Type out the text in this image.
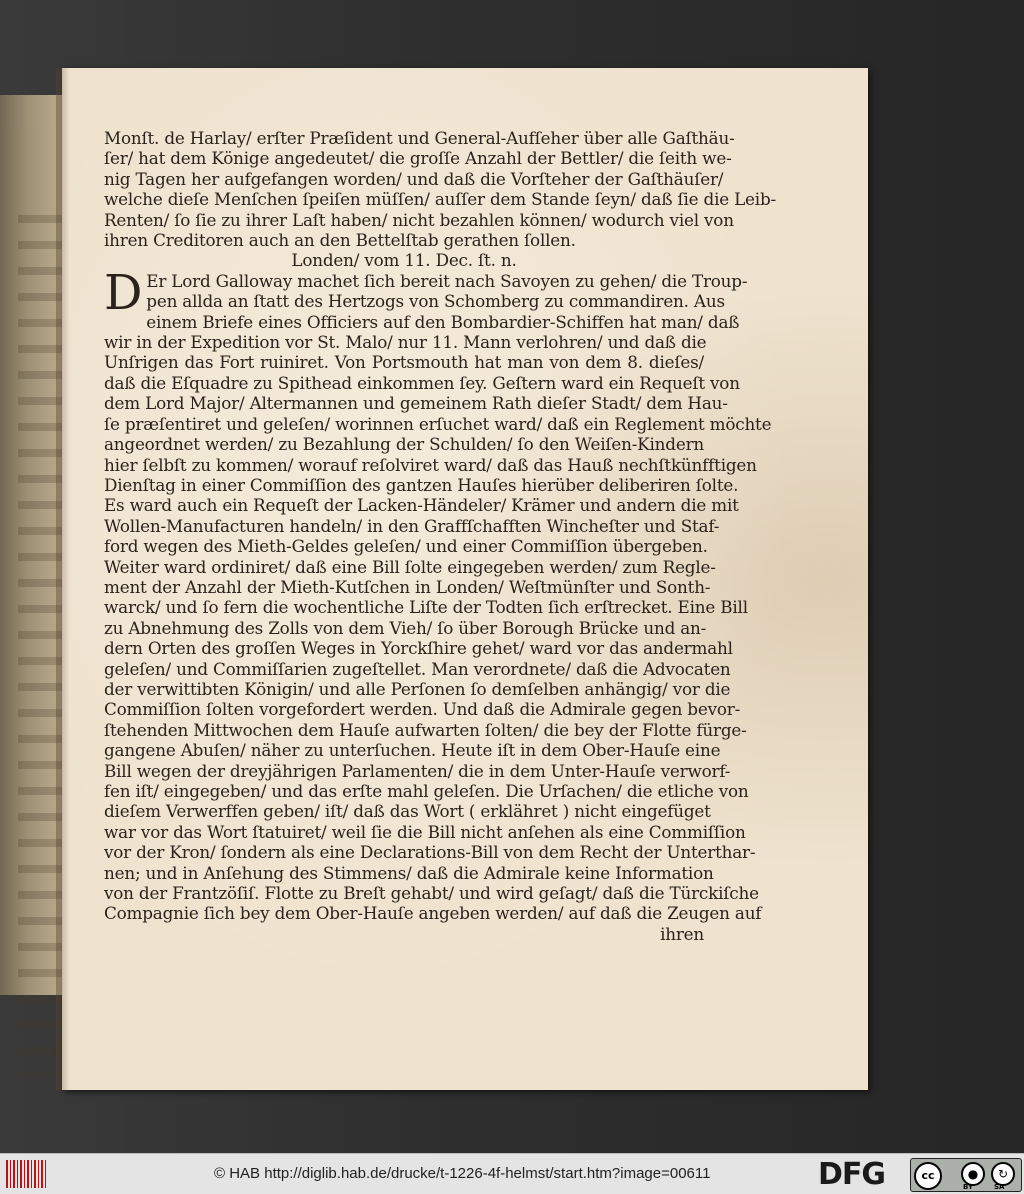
Monſt. de Harlay/ erſter Præſident und General-Aufſeher über alle Gaſthäu-
ſer/ hat dem Könige angedeutet/ die groſſe Anzahl der Bettler/ die ſeith we-
nig Tagen her aufgefangen worden/ und daß die Vorſteher der Gaſthäuſer/
welche dieſe Menſchen ſpeiſen müſſen/ auſſer dem Stande ſeyn/ daß ſie die Leib-
Renten/ ſo ſie zu ihrer Laſt haben/ nicht bezahlen können/ wodurch viel von
ihren Creditoren auch an den Bettelſtab gerathen ſollen.
Londen/ vom 11. Dec. ſt. n.
D Er Lord Galloway machet ſich bereit nach Savoyen zu gehen/ die Troup-
pen allda an ſtatt des Hertzogs von Schomberg zu commandiren. Aus
einem Briefe eines Officiers auf den Bombardier-Schiffen hat man/ daß
wir in der Expedition vor St. Malo/ nur 11. Mann verlohren/ und daß die
Unſrigen das Fort ruiniret. Von Portsmouth hat man von dem 8. dieſes/
daß die Eſquadre zu Spithead einkommen ſey. Geſtern ward ein Requeſt von
dem Lord Major/ Altermannen und gemeinem Rath dieſer Stadt/ dem Hau-
ſe præſentiret und geleſen/ worinnen erſuchet ward/ daß ein Reglement möchte
angeordnet werden/ zu Bezahlung der Schulden/ ſo den Weiſen-Kindern
hier ſelbſt zu kommen/ worauf reſolviret ward/ daß das Hauß nechſtkünfftigen
Dienſtag in einer Commiſſion des gantzen Hauſes hierüber deliberiren ſolte.
Es ward auch ein Requeſt der Lacken-Händeler/ Krämer und andern die mit
Wollen-Manufacturen handeln/ in den Graffſchafften Wincheſter und Staf-
ford wegen des Mieth-Geldes geleſen/ und einer Commiſſion übergeben.
Weiter ward ordiniret/ daß eine Bill ſolte eingegeben werden/ zum Regle-
ment der Anzahl der Mieth-Kutſchen in Londen/ Weſtmünſter und Sonth-
warck/ und ſo fern die wochentliche Liſte der Todten ſich erſtrecket. Eine Bill
zu Abnehmung des Zolls von dem Vieh/ ſo über Borough Brücke und an-
dern Orten des groſſen Weges in Yorckſhire gehet/ ward vor das andermahl
geleſen/ und Commiſſarien zugeſtellet. Man verordnete/ daß die Advocaten
der verwittibten Königin/ und alle Perſonen ſo demſelben anhängig/ vor die
Commiſſion ſolten vorgefordert werden. Und daß die Admirale gegen bevor-
ſtehenden Mittwochen dem Hauſe aufwarten ſolten/ die bey der Flotte fürge-
gangene Abuſen/ näher zu unterſuchen. Heute iſt in dem Ober-Hauſe eine
Bill wegen der dreyjährigen Parlamenten/ die in dem Unter-Hauſe verworf-
fen iſt/ eingegeben/ und das erſte mahl geleſen. Die Urſachen/ die etliche von
dieſem Verwerffen geben/ iſt/ daß das Wort ( erklähret ) nicht eingefüget
war vor das Wort ſtatuiret/ weil ſie die Bill nicht anſehen als eine Commiſſion
vor der Kron/ ſondern als eine Declarations-Bill von dem Recht der Unterthar-
nen; und in Anſehung des Stimmens/ daß die Admirale keine Information
von der Frantzöſiſ. Flotte zu Breſt gehabt/ und wird geſagt/ daß die Türckiſche
Compagnie ſich bey dem Ober-Hauſe angeben werden/ auf daß die Zeugen auf
ihren
© HAB http://diglib.hab.de/drucke/t-1226-4f-helmst/start.htm?image=00611	DFG	cc	●	↻
BY	SA
